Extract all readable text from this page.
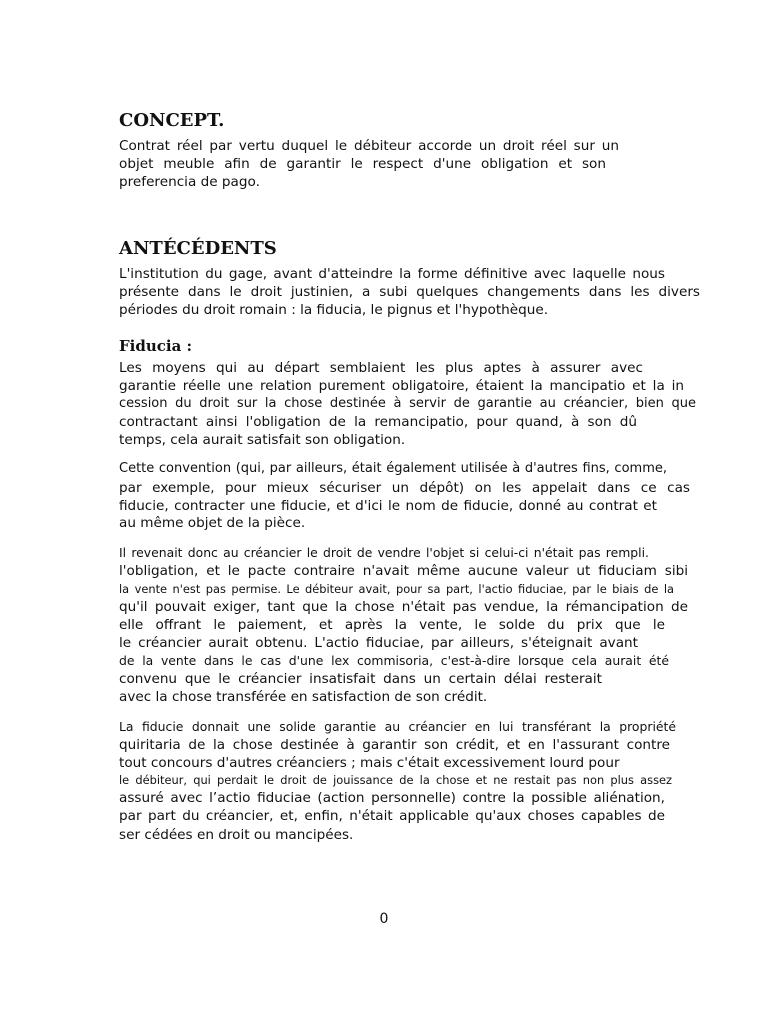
CONCEPT.
Contrat réel par vertu duquel le débiteur accorde un droit réel sur un
objet meuble afin de garantir le respect d'une obligation et son
preferencia de pago.
ANTÉCÉDENTS
L'institution du gage, avant d'atteindre la forme définitive avec laquelle nous
présente dans le droit justinien, a subi quelques changements dans les divers
périodes du droit romain : la fiducia, le pignus et l'hypothèque.
Fiducia :
Les moyens qui au départ semblaient les plus aptes à assurer avec
garantie réelle une relation purement obligatoire, étaient la mancipatio et la in
cession du droit sur la chose destinée à servir de garantie au créancier, bien que
contractant ainsi l'obligation de la remancipatio, pour quand, à son dû
temps, cela aurait satisfait son obligation.
Cette convention (qui, par ailleurs, était également utilisée à d'autres fins, comme,
par exemple, pour mieux sécuriser un dépôt) on les appelait dans ce cas
fiducie, contracter une fiducie, et d'ici le nom de fiducie, donné au contrat et
au même objet de la pièce.
Il revenait donc au créancier le droit de vendre l'objet si celui-ci n'était pas rempli.
l'obligation, et le pacte contraire n'avait même aucune valeur ut fiduciam sibi
la vente n'est pas permise. Le débiteur avait, pour sa part, l'actio fiduciae, par le biais de la
qu'il pouvait exiger, tant que la chose n'était pas vendue, la rémancipation de
elle offrant le paiement, et après la vente, le solde du prix que le
le créancier aurait obtenu. L'actio fiduciae, par ailleurs, s'éteignait avant
de la vente dans le cas d'une lex commisoria, c'est-à-dire lorsque cela aurait été
convenu que le créancier insatisfait dans un certain délai resterait
avec la chose transférée en satisfaction de son crédit.
La fiducie donnait une solide garantie au créancier en lui transférant la propriété
quiritaria de la chose destinée à garantir son crédit, et en l'assurant contre
tout concours d'autres créanciers ; mais c'était excessivement lourd pour
le débiteur, qui perdait le droit de jouissance de la chose et ne restait pas non plus assez
assuré avec l’actio fiduciae (action personnelle) contre la possible aliénation,
par part du créancier, et, enfin, n'était applicable qu'aux choses capables de
ser cédées en droit ou mancipées.
0
